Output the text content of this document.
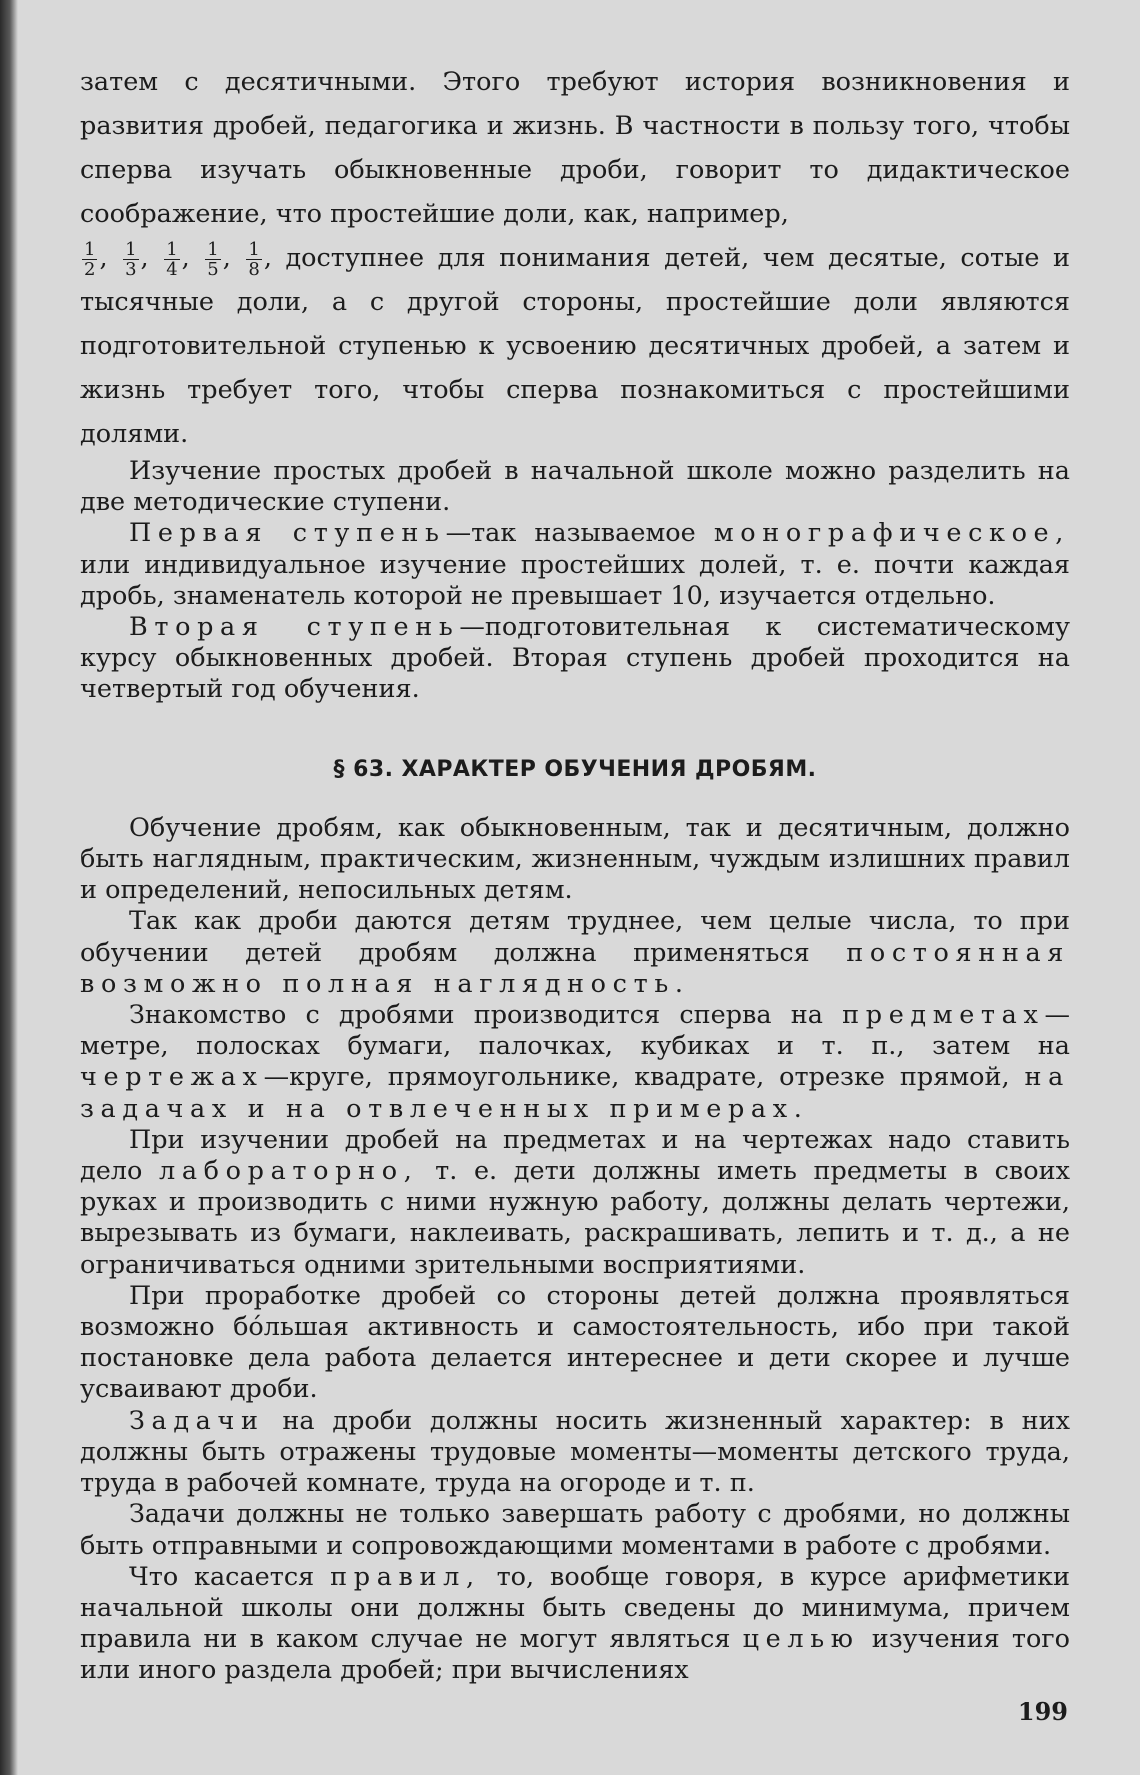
затем с десятичными. Этого требуют история возникновения и развития дробей, педагогика и жизнь. В частности в пользу того, чтобы сперва изучать обыкновенные дроби, говорит то дидактическое соображение, что простейшие доли, как, например,

$\frac{1}{2}$ , $\frac{1}{3}$ , $\frac{1}{4}$ , $\frac{1}{5}$ , $\frac{1}{8}$ , доступнее для понимания детей, чем десятые, сотые и тысячные доли, а с другой стороны, простейшие доли являются подготовительной ступенью к усвоению десятичных дробей, а затем и жизнь требует того, чтобы сперва познакомиться с простейшими долями.

Изучение простых дробей в начальной школе можно разделить на две методические ступени.

Первая ступень—так называемое монографическое, или индивидуальное изучение простейших долей, т. е. почти каждая дробь, знаменатель которой не превышает 10, изучается отдельно.

Вторая ступень—подготовительная к систематическому курсу обыкновенных дробей. Вторая ступень дробей проходится на четвертый год обучения.

§ 63. ХАРАКТЕР ОБУЧЕНИЯ ДРОБЯМ.

Обучение дробям, как обыкновенным, так и десятичным, должно быть наглядным, практическим, жизненным, чуждым излишних правил и определений, непосильных детям.

Так как дроби даются детям труднее, чем целые числа, то при обучении детей дробям должна применяться постоянная возможно полная наглядность.

Знакомство с дробями производится сперва на предметах—метре, полосках бумаги, палочках, кубиках и т. п., затем на чертежах—круге, прямоугольнике, квадрате, отрезке прямой, на задачах и на отвлеченных примерах.

При изучении дробей на предметах и на чертежах надо ставить дело лабораторно, т. е. дети должны иметь предметы в своих руках и производить с ними нужную работу, должны делать чертежи, вырезывать из бумаги, наклеивать, раскрашивать, лепить и т. д., а не ограничиваться одними зрительными восприятиями.

При проработке дробей со стороны детей должна проявляться возможно бóльшая активность и самостоятельность, ибо при такой постановке дела работа делается интереснее и дети скорее и лучше усваивают дроби.

Задачи на дроби должны носить жизненный характер: в них должны быть отражены трудовые моменты—моменты детского труда, труда в рабочей комнате, труда на огороде и т. п.

Задачи должны не только завершать работу с дробями, но должны быть отправными и сопровождающими моментами в работе с дробями.

Что касается правил, то, вообще говоря, в курсе арифметики начальной школы они должны быть сведены до минимума, причем правила ни в каком случае не могут являться целью изучения того или иного раздела дробей; при вычислениях

199
